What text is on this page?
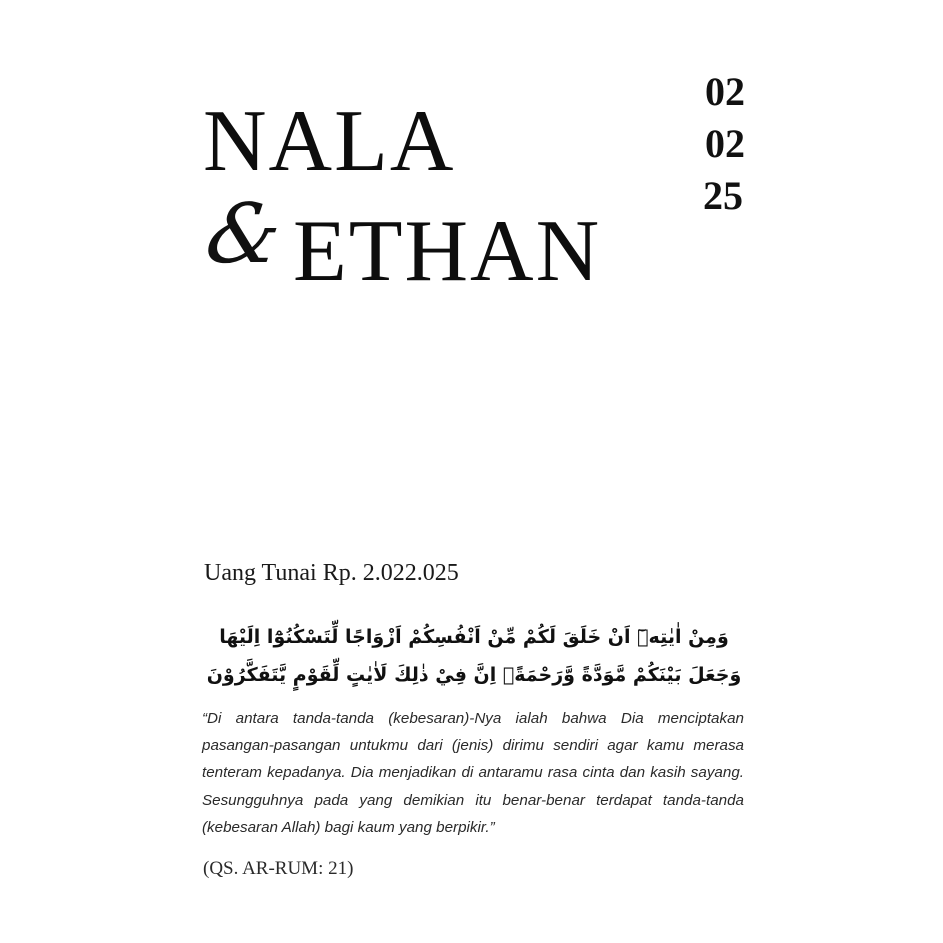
NALA
& ETHAN
02
02
25
Uang Tunai Rp. 2.022.025
وَمِنْ اٰيٰتِهٖٓ اَنْ خَلَقَ لَكُمْ مِّنْ اَنْفُسِكُمْ اَزْوَاجًا لِّتَسْكُنُوْٓا اِلَيْهَا وَجَعَلَ بَيْنَكُمْ مَّوَدَّةً وَّرَحْمَةًۗ اِنَّ فِيْ ذٰلِكَ لَاٰيٰتٍ لِّقَوْمٍ يَّتَفَكَّرُوْنَ
“Di antara tanda-tanda (kebesaran)-Nya ialah bahwa Dia menciptakan pasangan-pasangan untukmu dari (jenis) dirimu sendiri agar kamu merasa tenteram kepadanya. Dia menjadikan di antaramu rasa cinta dan kasih sayang. Sesungguhnya pada yang demikian itu benar-benar terdapat tanda-tanda (kebesaran Allah) bagi kaum yang berpikir.”
(QS. AR-RUM: 21)
